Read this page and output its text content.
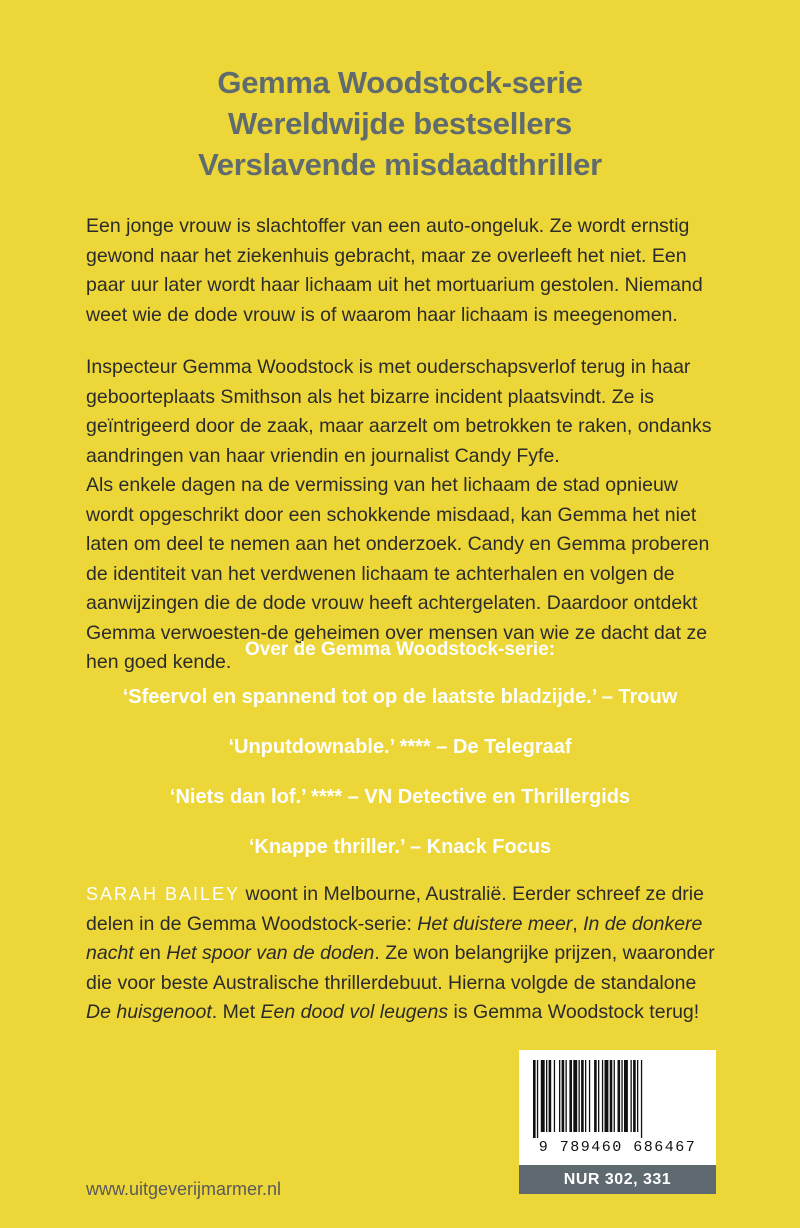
Gemma Woodstock-serie
Wereldwijde bestsellers
Verslavende misdaadthriller
Een jonge vrouw is slachtoffer van een auto-ongeluk. Ze wordt ernstig gewond naar het ziekenhuis gebracht, maar ze overleeft het niet. Een paar uur later wordt haar lichaam uit het mortuarium gestolen. Niemand weet wie de dode vrouw is of waarom haar lichaam is meegenomen.
Inspecteur Gemma Woodstock is met ouderschapsverlof terug in haar geboorteplaats Smithson als het bizarre incident plaatsvindt. Ze is geïntrigeerd door de zaak, maar aarzelt om betrokken te raken, ondanks aandringen van haar vriendin en journalist Candy Fyfe.
Als enkele dagen na de vermissing van het lichaam de stad opnieuw wordt opgeschrikt door een schokkende misdaad, kan Gemma het niet laten om deel te nemen aan het onderzoek. Candy en Gemma proberen de identiteit van het verdwenen lichaam te achterhalen en volgen de aanwijzingen die de dode vrouw heeft achtergelaten. Daardoor ontdekt Gemma verwoesten-de geheimen over mensen van wie ze dacht dat ze hen goed kende.
Over de Gemma Woodstock-serie:
‘Sfeervol en spannend tot op de laatste bladzijde.’ – Trouw
‘Unputdownable.’ **** – De Telegraaf
‘Niets dan lof.’ **** – VN Detective en Thrillergids
‘Knappe thriller.’ – Knack Focus
SARAH BAILEY woont in Melbourne, Australië. Eerder schreef ze drie delen in de Gemma Woodstock-serie: Het duistere meer, In de donkere nacht en Het spoor van de doden. Ze won belangrijke prijzen, waaronder die voor beste Australische thrillerdebuut. Hierna volgde de standalone De huisgenoot. Met Een dood vol leugens is Gemma Woodstock terug!
www.uitgeverijmarmer.nl
9 789460 686467
NUR 302, 331
